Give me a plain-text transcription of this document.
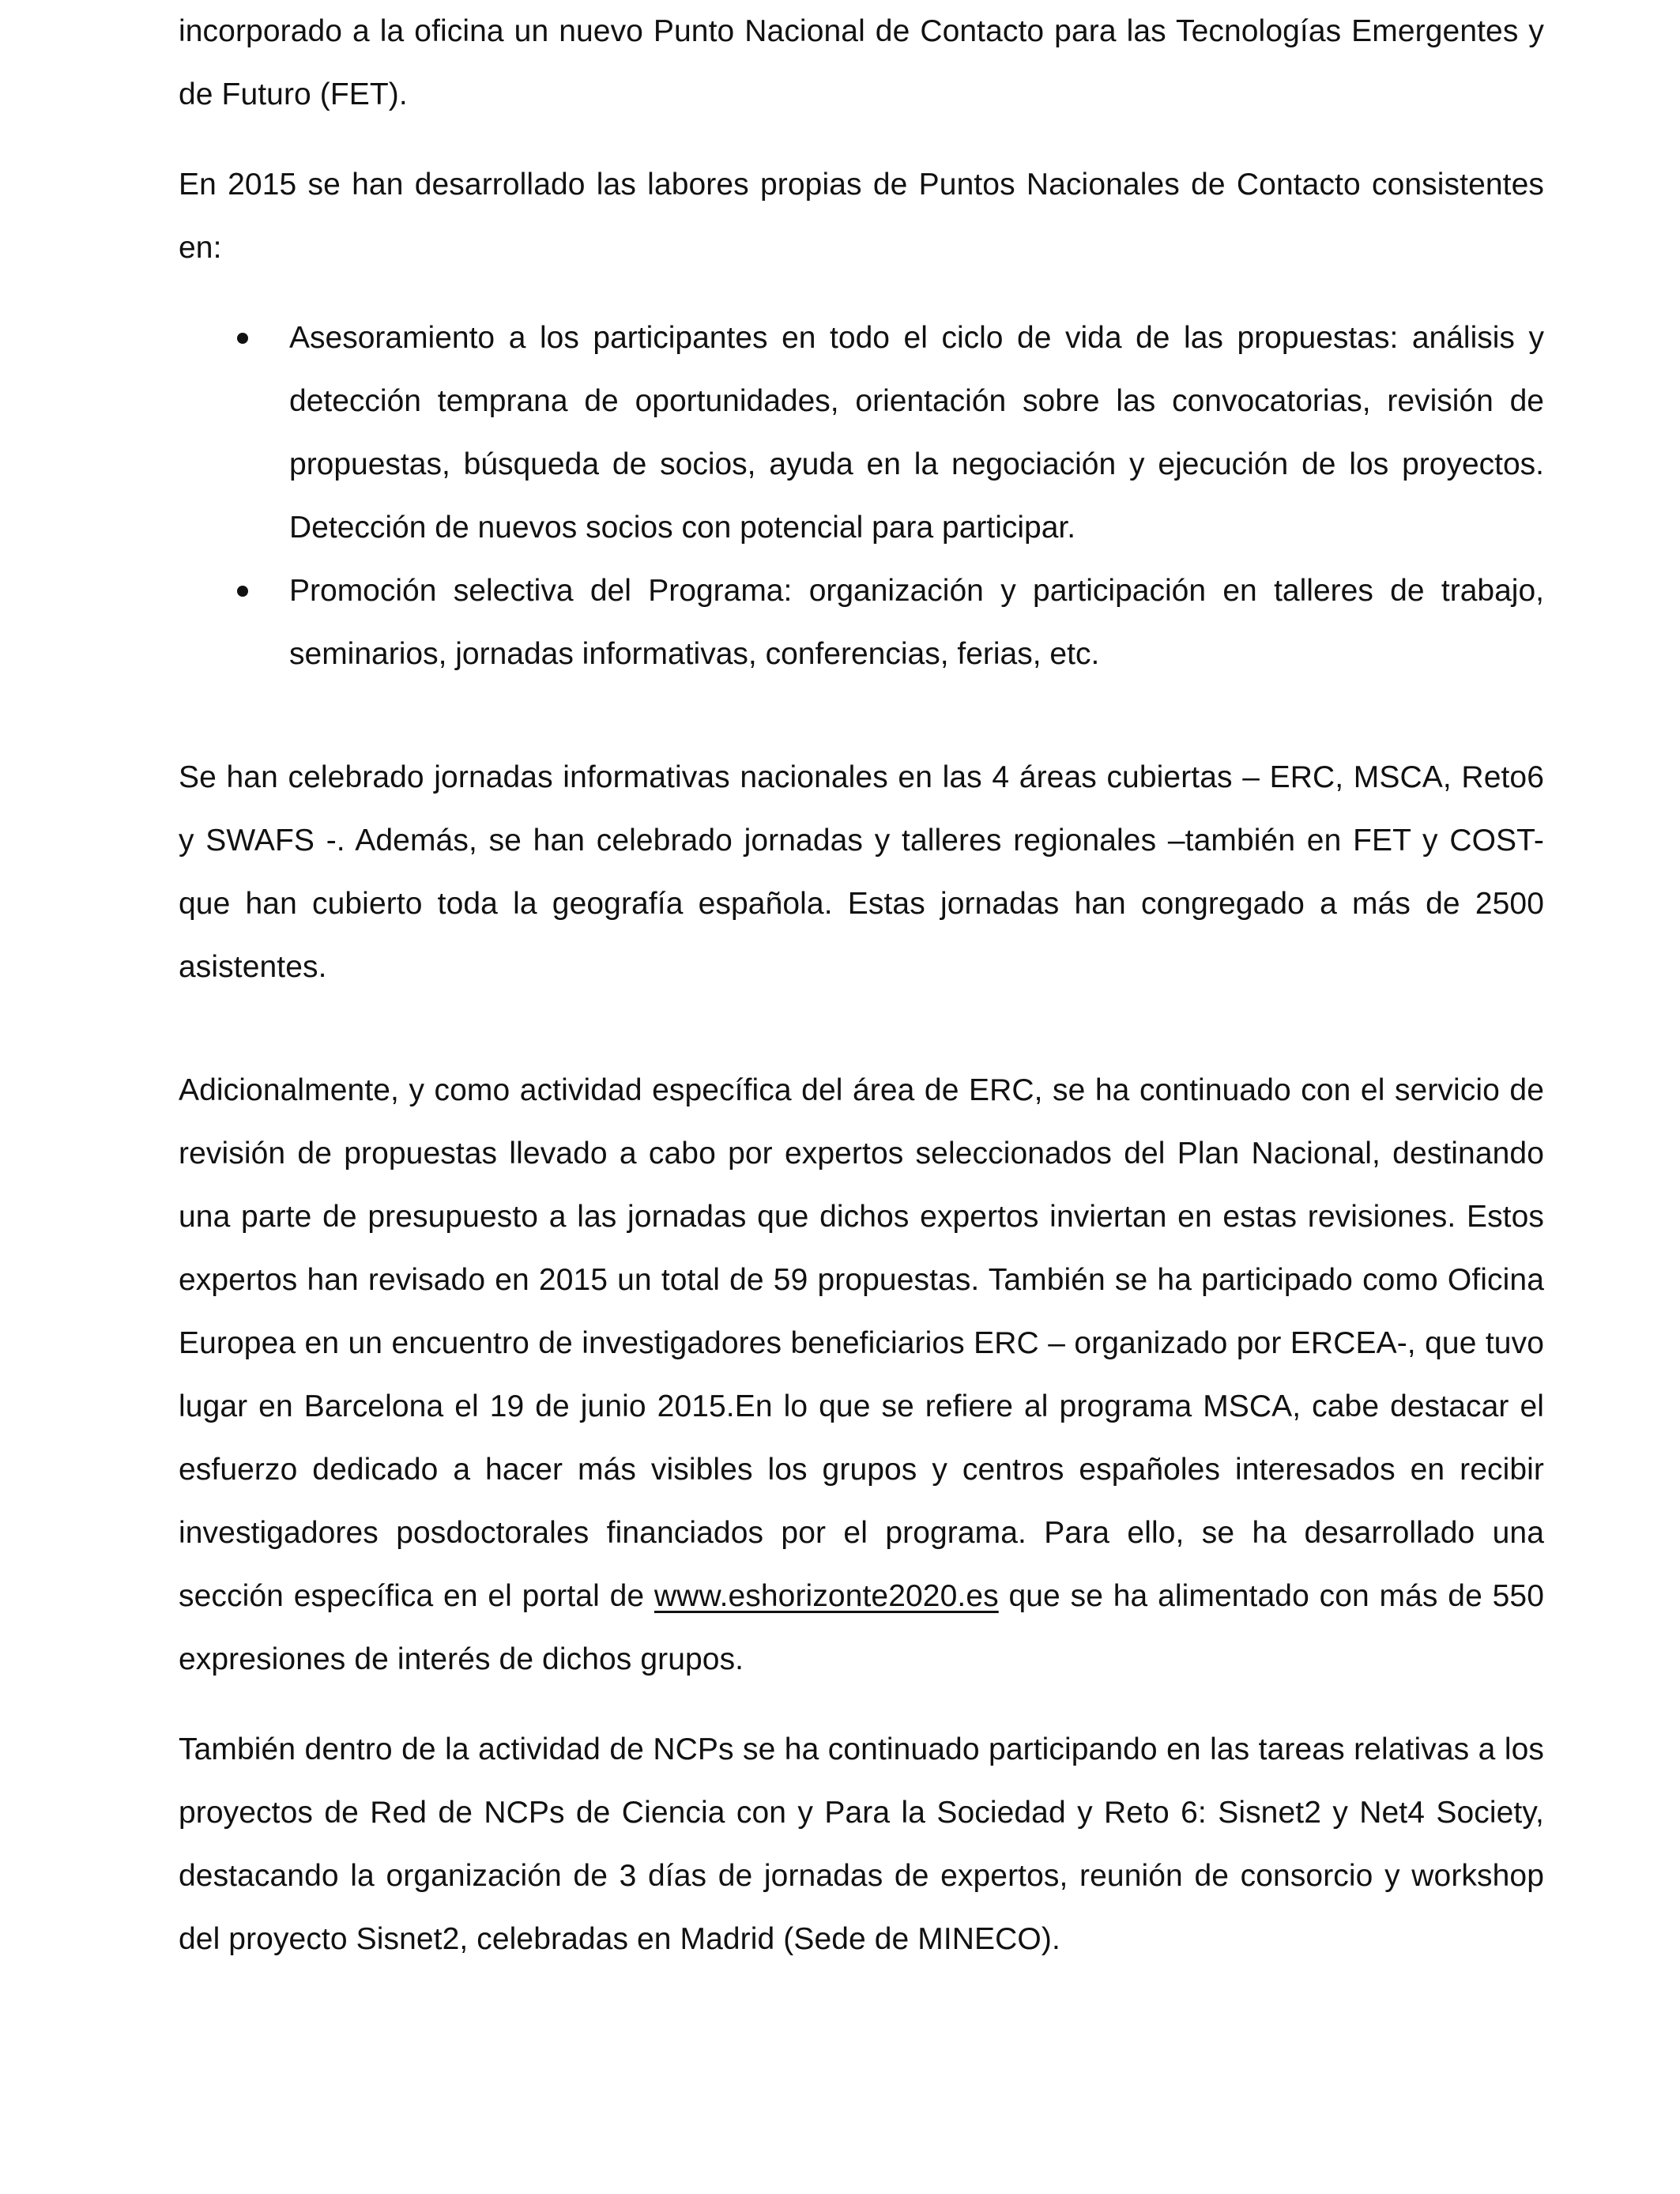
incorporado a la oficina un nuevo Punto Nacional de Contacto para las Tecnologías Emergentes y de Futuro (FET).

En 2015 se han desarrollado las labores propias de Puntos Nacionales de Contacto consistentes en:

Asesoramiento a los participantes en todo el ciclo de vida de las propuestas: análisis y detección temprana de oportunidades, orientación sobre las convocatorias, revisión de propuestas, búsqueda de socios, ayuda en la negociación y ejecución de los proyectos. Detección de nuevos socios con potencial para participar.
Promoción selectiva del Programa: organización y participación en talleres de trabajo, seminarios, jornadas informativas, conferencias, ferias, etc.

Se han celebrado jornadas informativas nacionales en las 4 áreas cubiertas – ERC, MSCA, Reto6 y SWAFS -. Además, se han celebrado jornadas y talleres regionales –también en FET y COST- que han cubierto toda la geografía española. Estas jornadas han congregado a más de 2500 asistentes.

Adicionalmente, y como actividad específica del área de ERC, se ha continuado con el servicio de revisión de propuestas llevado a cabo por expertos seleccionados del Plan Nacional, destinando una parte de presupuesto a las jornadas que dichos expertos inviertan en estas revisiones. Estos expertos han revisado en 2015 un total de 59 propuestas. También se ha participado como Oficina Europea en un encuentro de investigadores beneficiarios ERC – organizado por ERCEA-, que tuvo lugar en Barcelona el 19 de junio 2015.En lo que se refiere al programa MSCA, cabe destacar el esfuerzo dedicado a hacer más visibles los grupos y centros españoles interesados en recibir investigadores posdoctorales financiados por el programa. Para ello, se ha desarrollado una sección específica en el portal de www.eshorizonte2020.es que se ha alimentado con más de 550 expresiones de interés de dichos grupos.

También dentro de la actividad de NCPs se ha continuado participando en las tareas relativas a los proyectos de Red de NCPs de Ciencia con y Para la Sociedad y Reto 6: Sisnet2 y Net4 Society, destacando la organización de 3 días de jornadas de expertos, reunión de consorcio y workshop del proyecto Sisnet2, celebradas en Madrid (Sede de MINECO).
